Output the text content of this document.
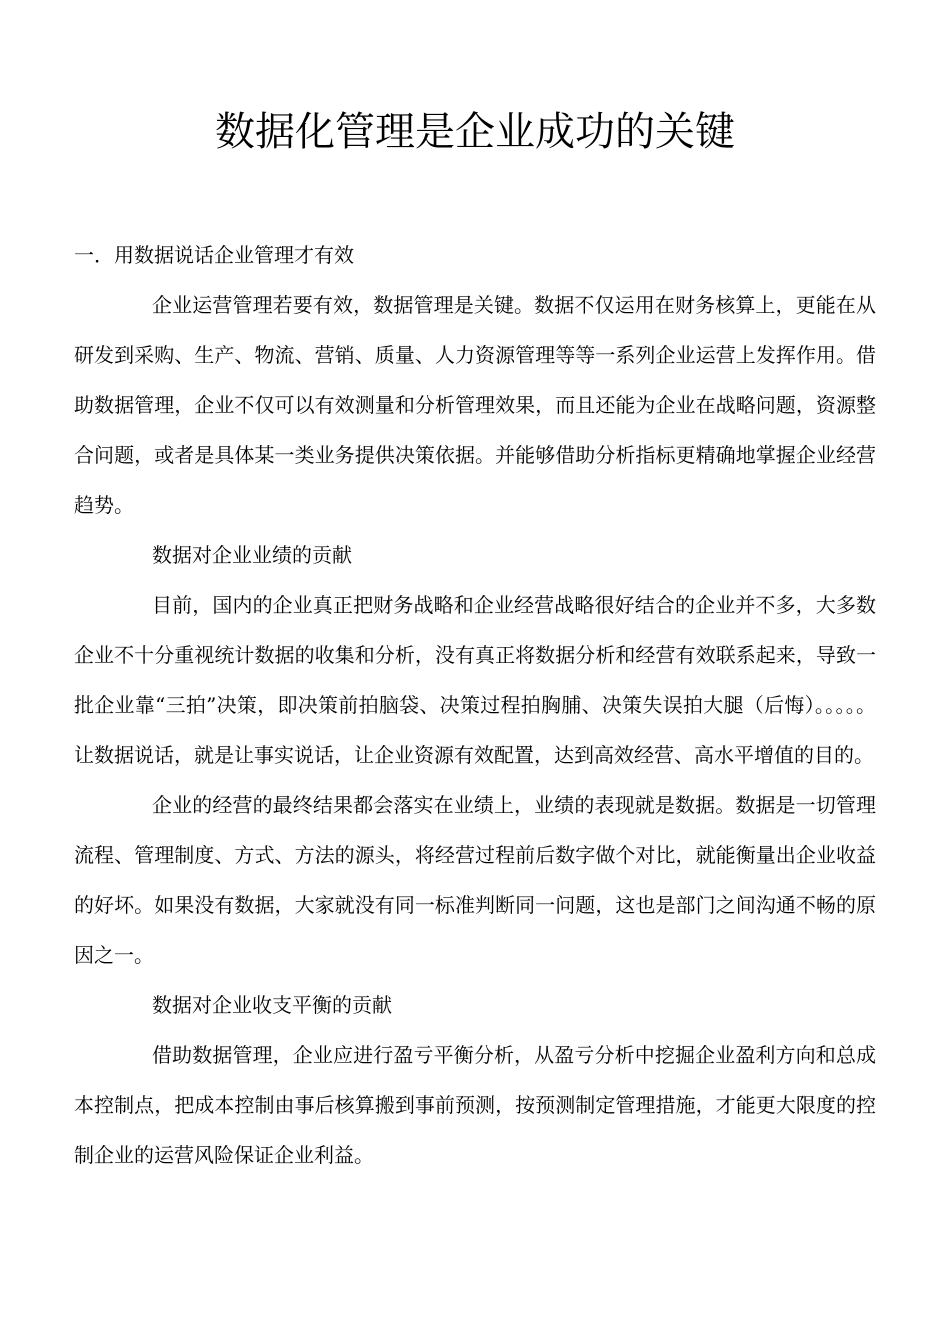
数据化管理是企业成功的关键

一．用数据说话企业管理才有效

企业运营管理若要有效，数据管理是关键。数据不仅运用在财务核算上，更能在从研发到采购、生产、物流、营销、质量、人力资源管理等等一系列企业运营上发挥作用。借助数据管理，企业不仅可以有效测量和分析管理效果，而且还能为企业在战略问题，资源整合问题，或者是具体某一类业务提供决策依据。并能够借助分析指标更精确地掌握企业经营趋势。

数据对企业业绩的贡献

目前，国内的企业真正把财务战略和企业经营战略很好结合的企业并不多，大多数企业不十分重视统计数据的收集和分析，没有真正将数据分析和经营有效联系起来，导致一批企业靠“三拍”决策，即决策前拍脑袋、决策过程拍胸脯、决策失误拍大腿（后悔）。。。。。让数据说话，就是让事实说话，让企业资源有效配置，达到高效经营、高水平增值的目的。

企业的经营的最终结果都会落实在业绩上，业绩的表现就是数据。数据是一切管理流程、管理制度、方式、方法的源头，将经营过程前后数字做个对比，就能衡量出企业收益的好坏。如果没有数据，大家就没有同一标准判断同一问题，这也是部门之间沟通不畅的原因之一。

数据对企业收支平衡的贡献

借助数据管理，企业应进行盈亏平衡分析，从盈亏分析中挖掘企业盈利方向和总成本控制点，把成本控制由事后核算搬到事前预测，按预测制定管理措施，才能更大限度的控制企业的运营风险保证企业利益。
